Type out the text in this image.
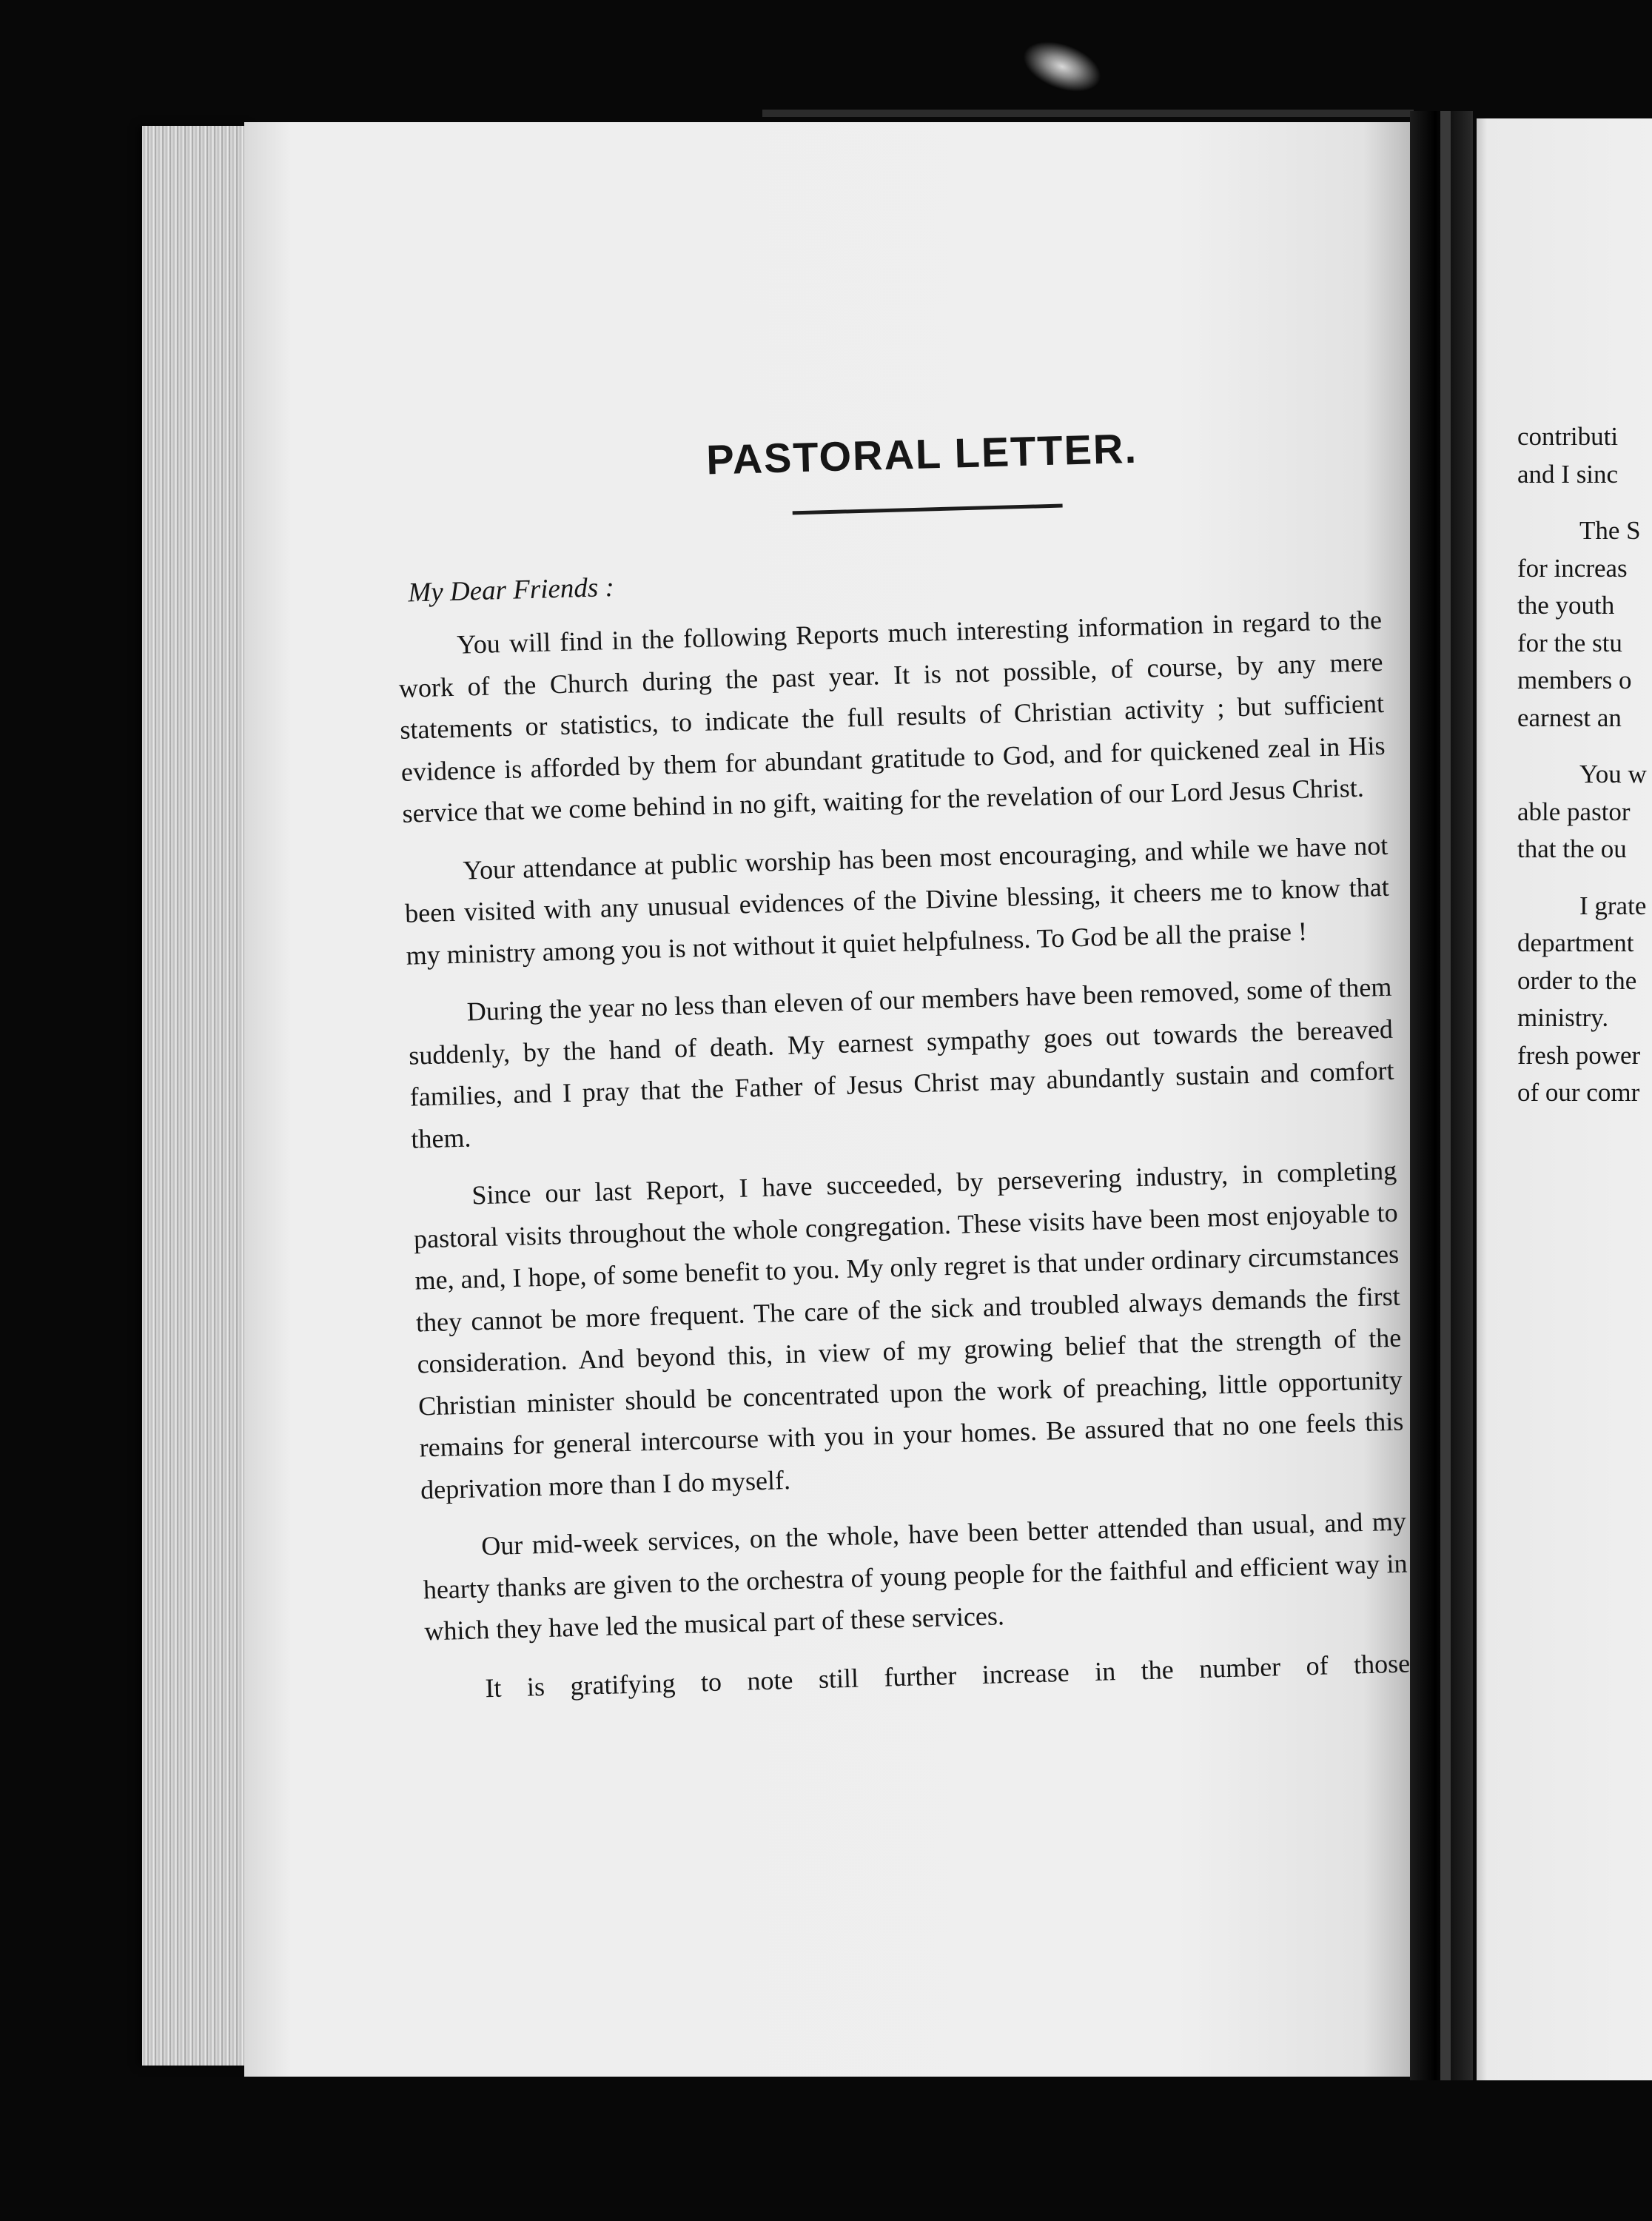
PASTORAL LETTER.
My Dear Friends :

You will find in the following Reports much interesting information in regard to the work of the Church during the past year. It is not possible, of course, by any mere statements or statistics, to indicate the full results of Christian activity ; but sufficient evidence is afforded by them for abundant gratitude to God, and for quickened zeal in His service that we come behind in no gift, waiting for the revelation of our Lord Jesus Christ.

Your attendance at public worship has been most encouraging, and while we have not been visited with any unusual evidences of the Divine blessing, it cheers me to know that my ministry among you is not without it quiet helpfulness. To God be all the praise !

During the year no less than eleven of our members have been removed, some of them suddenly, by the hand of death. My earnest sympathy goes out towards the bereaved families, and I pray that the Father of Jesus Christ may abundantly sustain and comfort them.

Since our last Report, I have succeeded, by persevering industry, in completing pastoral visits throughout the whole congregation. These visits have been most enjoyable to me, and, I hope, of some benefit to you. My only regret is that under ordinary circumstances they cannot be more frequent. The care of the sick and troubled always demands the first consideration. And beyond this, in view of my growing belief that the strength of the Christian minister should be concentrated upon the work of preaching, little opportunity remains for general intercourse with you in your homes. Be assured that no one feels this deprivation more than I do myself.

Our mid-week services, on the whole, have been better attended than usual, and my hearty thanks are given to the orchestra of young people for the faithful and efficient way in which they have led the musical part of these services.

It is gratifying to note still further increase in the number of those

contributi
and I sinc
The S
for increas
the youth
for the stu
members o
earnest an
You w
able pastor
that the ou
I grate
department
order to the
ministry.
fresh power
of our comr
